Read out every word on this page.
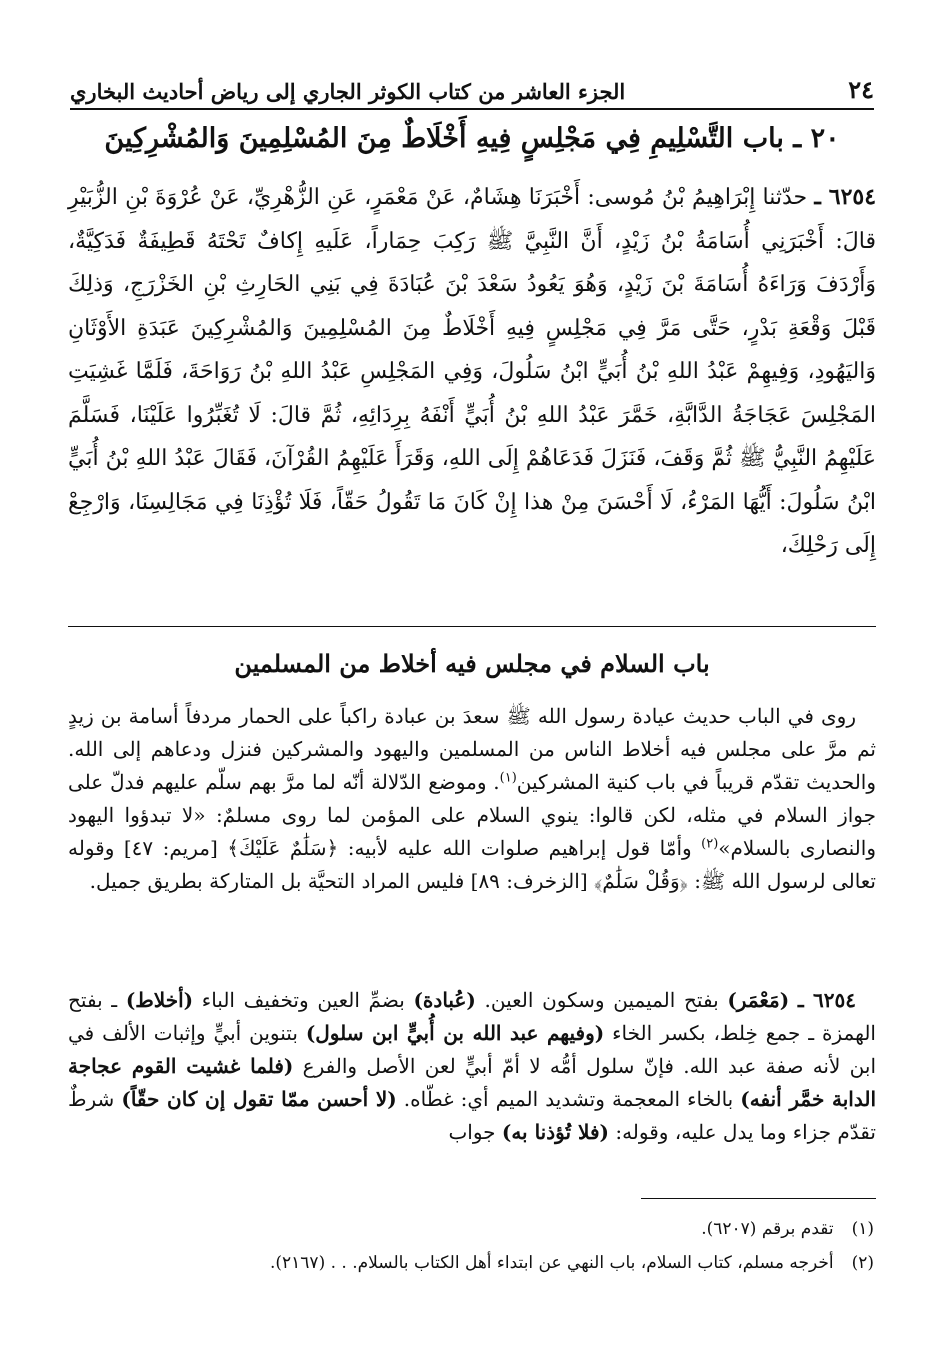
٢٤
الجزء العاشر من كتاب الكوثر الجاري إلى رياض أحاديث البخاري
٢٠ ـ باب التَّسْلِيمِ فِي مَجْلِسٍ فِيهِ أَخْلَاطٌ مِنَ المُسْلِمِينَ وَالمُشْرِكِينَ

٦٢٥٤ ـ حدّثنا إِبْرَاهِيمُ بْنُ مُوسى: أَخْبَرَنَا هِشَامٌ، عَنْ مَعْمَرٍ، عَنِ الزُّهْرِيِّ، عَنْ عُرْوَةَ بْنِ الزُّبَيْرِ قالَ: أَخْبَرَنِي أُسَامَةُ بْنُ زَيْدٍ، أَنَّ النَّبِيَّ ﷺ رَكِبَ حِمَاراً، عَلَيهِ إِكافٌ تَحْتَهُ قَطِيفَةٌ فَدَكِيَّةٌ، وَأَرْدَفَ وَرَاءَهُ أُسَامَةَ بْنَ زَيْدٍ، وَهُوَ يَعُودُ سَعْدَ بْنَ عُبَادَةَ فِي بَنِي الحَارِثِ بْنِ الخَزْرَجِ، وَذلِكَ قَبْلَ وَقْعَةِ بَدْرٍ، حَتَّى مَرَّ فِي مَجْلِسٍ فِيهِ أَخْلَاطٌ مِنَ المُسْلِمِينَ وَالمُشْرِكِينَ عَبَدَةِ الأَوْثَانِ وَاليَهُودِ، وَفِيهِمْ عَبْدُ اللهِ بْنُ أُبَيٍّ ابْنُ سَلُولَ، وَفِي المَجْلِسِ عَبْدُ اللهِ بْنُ رَوَاحَةَ، فَلَمَّا غَشِيَتِ المَجْلِسَ عَجَاجَةُ الدَّابَّةِ، خَمَّرَ عَبْدُ اللهِ بْنُ أُبَيٍّ أَنْفَهُ بِرِدَائِهِ، ثُمَّ قالَ: لَا تُغَبِّرُوا عَلَيْنَا، فَسَلَّمَ عَلَيْهِمُ النَّبِيُّ ﷺ ثُمَّ وَقَفَ، فَنَزَلَ فَدَعَاهُمْ إِلَى اللهِ، وَقَرَأَ عَلَيْهِمُ القُرْآنَ، فَقَالَ عَبْدُ اللهِ بْنُ أُبَيٍّ ابْنُ سَلُولَ: أَيُّهَا المَرْءُ، لَا أَحْسَنَ مِنْ هذا إِنْ كَانَ مَا تَقُولُ حَقّاً، فَلَا تُؤْذِنَا فِي مَجَالِسِنَا، وَارْجِعْ إِلَى رَحْلِكَ،

باب السلام في مجلس فيه أخلاط من المسلمين

روى في الباب حديث عيادة رسول الله ﷺ سعدَ بن عبادة راكباً على الحمار مردفاً أسامة بن زيدٍ ثم مرَّ على مجلس فيه أخلاط الناس من المسلمين واليهود والمشركين فنزل ودعاهم إلى الله. والحديث تقدّم قريباً في باب كنية المشركين$^{(١)}$. وموضع الدّلالة أنّه لما مرَّ بهم سلّم عليهم فدلّ على جواز السلام في مثله، لكن قالوا: ينوي السلام على المؤمن لما روى مسلمٌ: «لا تبدؤوا اليهود والنصارى بالسلام»$^{(٢)}$ وأمّا قول إبراهيم صلوات الله عليه لأبيه: ﴿سَلَٰمٌ عَلَيْكَ﴾ [مريم: ٤٧] وقوله تعالى لرسول الله ﷺ: ﴿وَقُلْ سَلَٰمٌ﴾ [الزخرف: ٨٩] فليس المراد التحيَّة بل المتاركة بطريق جميل.

٦٢٥٤ ـ (مَعْمَر) بفتح الميمين وسكون العين. (عُبادة) بضمِّ العين وتخفيف الباء (أخلاط) ـ بفتح الهمزة ـ جمع خِلط، بكسر الخاء (وفيهم عبد الله بن أُبيٍّ ابن سلول) بتنوين أبيٍّ وإثبات الألف في ابن لأنه صفة عبد الله. فإنّ سلول أمُّه لا أمّ أبيٍّ لعن الأصل والفرع (فلما غشيت القوم عجاجة الدابة خمَّر أنفه) بالخاء المعجمة وتشديد الميم أي: غطّاه. (لا أحسن ممّا تقول إن كان حقّاً) شرطٌ تقدّم جزاء وما يدل عليه، وقوله: (فلا تُؤذنا به) جواب

(١)
تقدم برقم (٦٢٠٧).
(٢)
أخرجه مسلم، كتاب السلام، باب النهي عن ابتداء أهل الكتاب بالسلام. . . (٢١٦٧).
